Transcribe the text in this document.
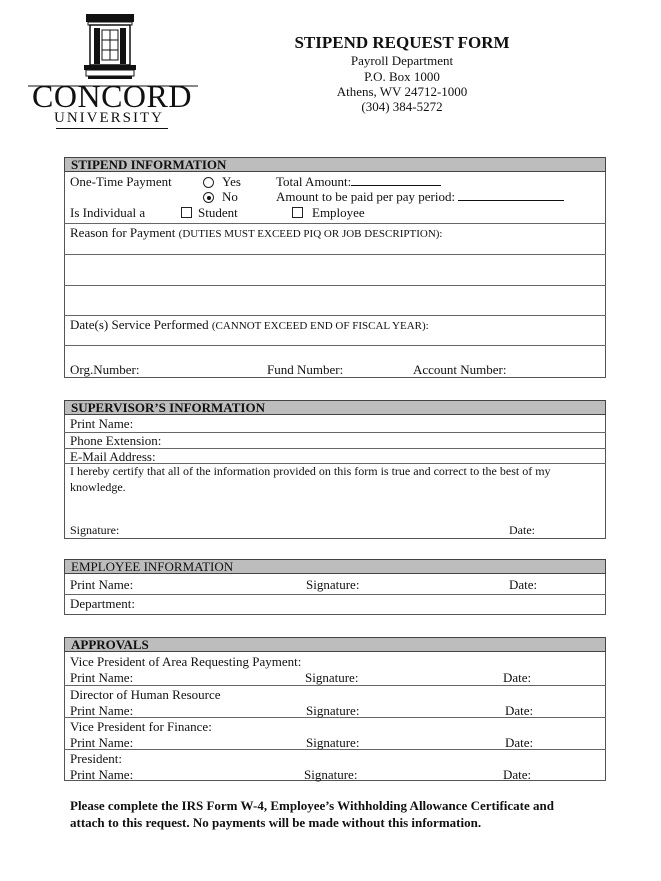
CONCORD
UNIVERSITY
STIPEND REQUEST FORM
Payroll Department
P.O. Box 1000
Athens, WV 24712-1000
(304) 384-5272
STIPEND INFORMATION
One-Time Payment	Yes
No
Total Amount:
Amount to be paid per pay period:
Is Individual a	Student	Employee
Reason for Payment (DUTIES MUST EXCEED PIQ OR JOB DESCRIPTION):
Date(s) Service Performed (CANNOT EXCEED END OF FISCAL YEAR):
Org.Number:	Fund Number:	Account Number:
SUPERVISOR’S INFORMATION
Print Name:
Phone Extension:
E-Mail Address:
I hereby certify that all of the information provided on this form is true and correct to the best of my
knowledge.
Signature:	Date:
EMPLOYEE INFORMATION
Print Name:	Signature:	Date:
Department:
APPROVALS
Vice President of Area Requesting Payment:
Print Name:	Signature:	Date:
Director of Human Resource
Print Name:	Signature:	Date:
Vice President for Finance:
Print Name:	Signature:	Date:
President:
Print Name:	Signature:	Date:
Please complete the IRS Form W-4, Employee’s Withholding Allowance Certificate and
attach to this request. No payments will be made without this information.
